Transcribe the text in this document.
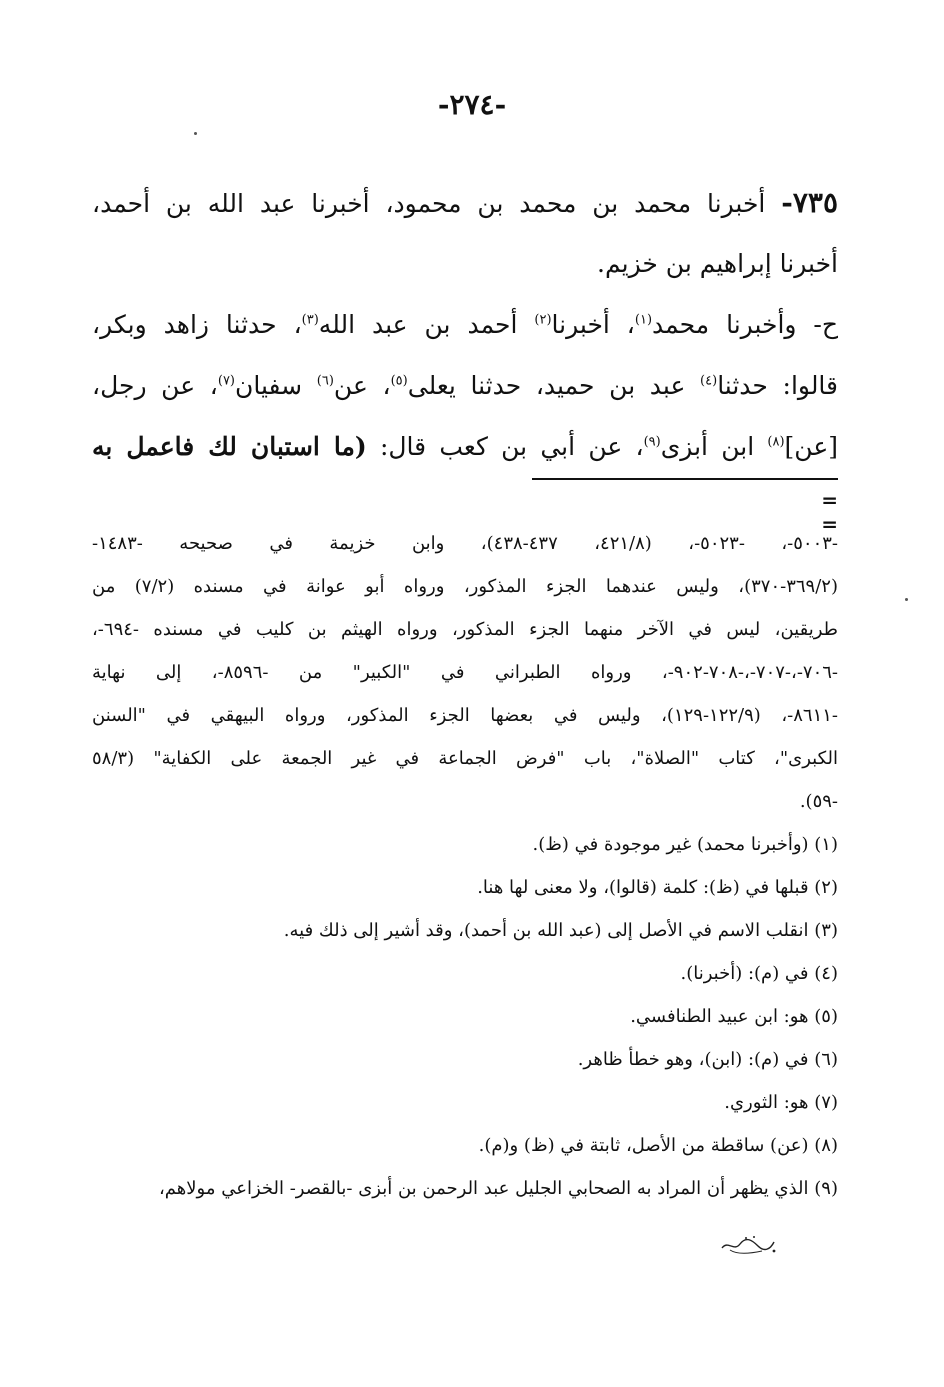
-٢٧٤-
٧٣٥- أخبرنا محمد بن محمد بن محمود، أخبرنا عبد الله بن أحمد،
أخبرنا إبراهيم بن خزيم.
ح- وأخبرنا محمد$^{(١)}$، أخبرنا$^{(٢)}$ أحمد بن عبد الله$^{(٣)}$، حدثنا زاهد وبكر،
قالوا: حدثنا$^{(٤)}$ عبد بن حميد، حدثنا يعلى$^{(٥)}$، عن$^{(٦)}$ سفيان$^{(٧)}$، عن رجل،
[عن]$^{(٨)}$ ابن أبزى$^{(٩)}$، عن أبي بن كعب قال: (ما استبان لك فاعمل به
= =
-٥٠٠٣-، -٥٠٢٣-، (٤٢١/٨، ٤٣٧-٤٣٨)، وابن خزيمة في صحيحه -١٤٨٣-
(٣٦٩/٢-٣٧٠)، وليس عندهما الجزء المذكور، ورواه أبو عوانة في مسنده (٧/٢) من
طريقين، ليس في الآخر منهما الجزء المذكور، ورواه الهيثم بن كليب في مسنده -٦٩٤-،
-٧٠٦-،-٧٠٧-،-٧٠٨-٩٠٢-، ورواه الطبراني في "الكبير" من -٨٥٩٦-، إلى نهاية
-٨٦١١-، (١٢٢/٩-١٢٩)، وليس في بعضها الجزء المذكور، ورواه البيهقي في "السنن
الكبرى"، كتاب "الصلاة"، باب "فرض الجماعة في غير الجمعة على الكفاية" (٥٨/٣
-٥٩).
(١) (وأخبرنا محمد) غير موجودة في (ظ).
(٢) قبلها في (ظ): كلمة (قالوا)، ولا معنى لها هنا.
(٣) انقلب الاسم في الأصل إلى (عبد الله بن أحمد)، وقد أشير إلى ذلك فيه.
(٤) في (م): (أخبرنا).
(٥) هو: ابن عبيد الطنافسي.
(٦) في (م): (ابن)، وهو خطأ ظاهر.
(٧) هو: الثوري.
(٨) (عن) ساقطة من الأصل، ثابتة في (ظ) و(م).
(٩) الذي يظهر أن المراد به الصحابي الجليل عبد الرحمن بن أبزى -بالقصر- الخزاعي مولاهم،
